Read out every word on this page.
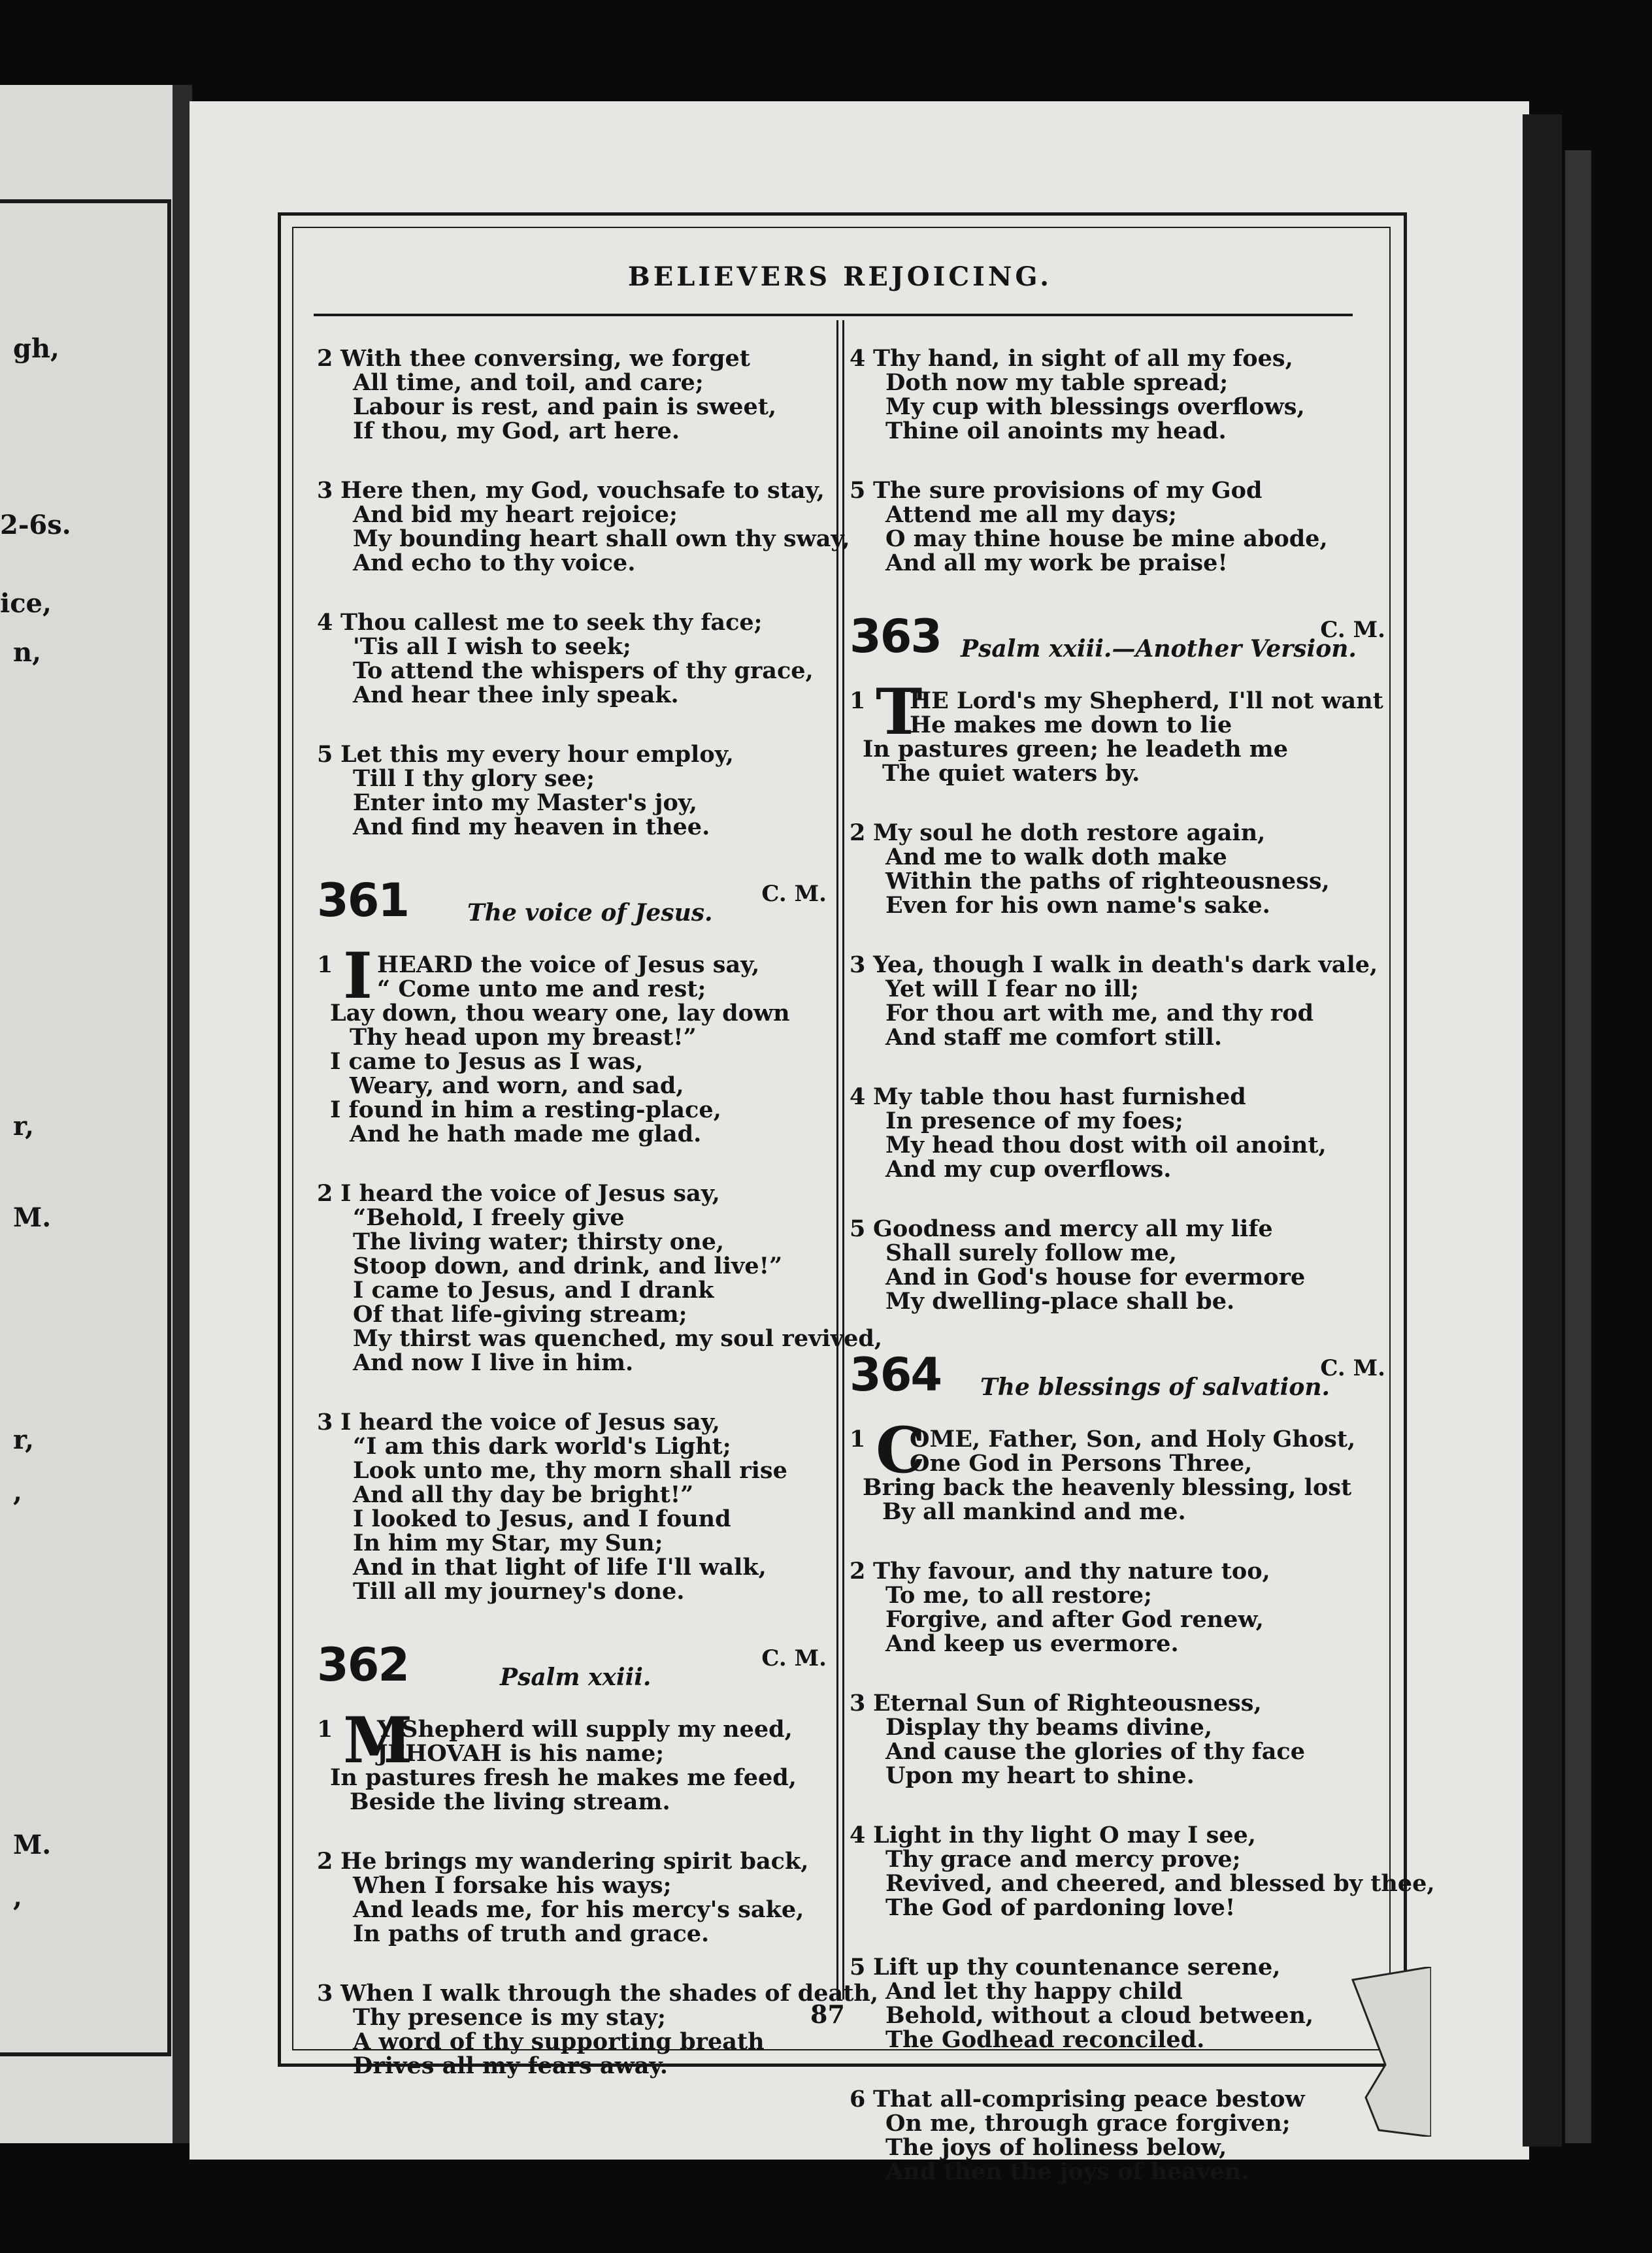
gh,
2-6s.
ice,
n,
r,
M.
r,
,
M.
,
BELIEVERS REJOICING.
2 With thee conversing, we forget
All time, and toil, and care;
Labour is rest, and pain is sweet,
If thou, my God, art here.
3 Here then, my God, vouchsafe to stay,
And bid my heart rejoice;
My bounding heart shall own thy sway,
And echo to thy voice.
4 Thou callest me to seek thy face;
'Tis all I wish to seek;
To attend the whispers of thy grace,
And hear thee inly speak.
5 Let this my every hour employ,
Till I thy glory see;
Enter into my Master's joy,
And find my heaven in thee.
361 The voice of Jesus.
C. M.
I
1 HEARD the voice of Jesus say,
“ Come unto me and rest;
Lay down, thou weary one, lay down
Thy head upon my breast!”
I came to Jesus as I was,
Weary, and worn, and sad,
I found in him a resting-place,
And he hath made me glad.
2 I heard the voice of Jesus say,
“Behold, I freely give
The living water; thirsty one,
Stoop down, and drink, and live!”
I came to Jesus, and I drank
Of that life-giving stream;
My thirst was quenched, my soul revived,
And now I live in him.
3 I heard the voice of Jesus say,
“I am this dark world's Light;
Look unto me, thy morn shall rise
And all thy day be bright!”
I looked to Jesus, and I found
In him my Star, my Sun;
And in that light of life I'll walk,
Till all my journey's done.
362	Psalm xxiii.
C. M.
M
1 Y Shepherd will supply my need,
JEHOVAH is his name;
In pastures fresh he makes me feed,
Beside the living stream.
2 He brings my wandering spirit back,
When I forsake his ways;
And leads me, for his mercy's sake,
In paths of truth and grace.
3 When I walk through the shades of death,
Thy presence is my stay;
A word of thy supporting breath
Drives all my fears away.
4 Thy hand, in sight of all my foes,
Doth now my table spread;
My cup with blessings overflows,
Thine oil anoints my head.
5 The sure provisions of my God
Attend me all my days;
O may thine house be mine abode,
And all my work be praise!
363 Psalm xxiii.—Another Version.
C. M.
T
1 HE Lord's my Shepherd, I'll not want
He makes me down to lie
In pastures green; he leadeth me
The quiet waters by.
2 My soul he doth restore again,
And me to walk doth make
Within the paths of righteousness,
Even for his own name's sake.
3 Yea, though I walk in death's dark vale,
Yet will I fear no ill;
For thou art with me, and thy rod
And staff me comfort still.
4 My table thou hast furnished
In presence of my foes;
My head thou dost with oil anoint,
And my cup overflows.
5 Goodness and mercy all my life
Shall surely follow me,
And in God's house for evermore
My dwelling-place shall be.
364 The blessings of salvation.
C. M.
C
1 OME, Father, Son, and Holy Ghost,
One God in Persons Three,
Bring back the heavenly blessing, lost
By all mankind and me.
2 Thy favour, and thy nature too,
To me, to all restore;
Forgive, and after God renew,
And keep us evermore.
3 Eternal Sun of Righteousness,
Display thy beams divine,
And cause the glories of thy face
Upon my heart to shine.
4 Light in thy light O may I see,
Thy grace and mercy prove;
Revived, and cheered, and blessed by thee,
The God of pardoning love!
5 Lift up thy countenance serene,
And let thy happy child
Behold, without a cloud between,
The Godhead reconciled.
6 That all-comprising peace bestow
On me, through grace forgiven;
The joys of holiness below,
And then the joys of heaven.
87
